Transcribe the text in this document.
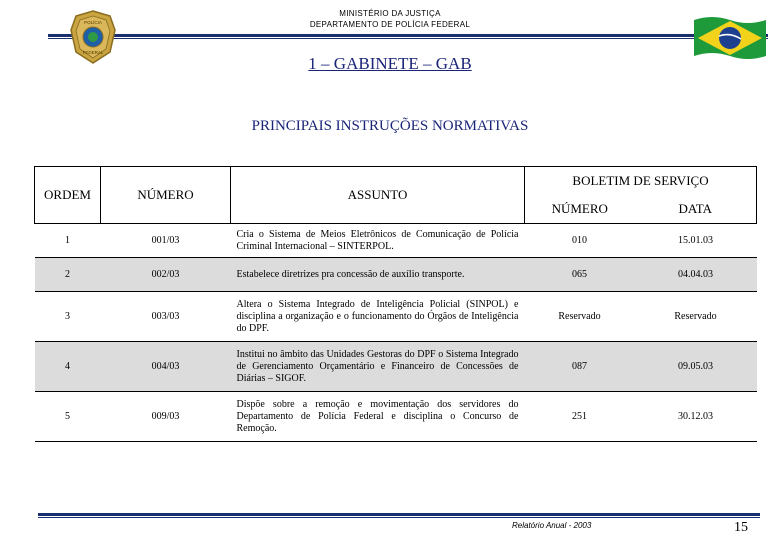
MINISTÉRIO DA JUSTIÇA
DEPARTAMENTO DE POLÍCIA FEDERAL
POLÍCIA
FEDERAL
1 – GABINETE – GAB
PRINCIPAIS INSTRUÇÕES NORMATIVAS
ORDEM	NÚMERO	ASSUNTO	BOLETIM DE SERVIÇO	
			NÚMERO	DATA
1	001/03	Cria o Sistema de Meios Eletrônicos de Comunicação de Polícia Criminal Internacional – SINTERPOL.	010	15.01.03
2	002/03	Estabelece diretrizes pra concessão de auxílio transporte.	065	04.04.03
3	003/03	Altera o Sistema Integrado de Inteligência Policial (SINPOL) e disciplina a organização e o funcionamento do Órgãos de Inteligência do DPF.	Reservado	Reservado
4	004/03	Institui no âmbito das Unidades Gestoras do DPF o Sistema Integrado de Gerenciamento Orçamentário e Financeiro de Concessões de Diárias – SIGOF.	087	09.05.03
5	009/03	Dispõe sobre a remoção e movimentação dos servidores do Departamento de Polícia Federal e disciplina o Concurso de Remoção.	251	30.12.03
Relatório Anual - 2003	15
